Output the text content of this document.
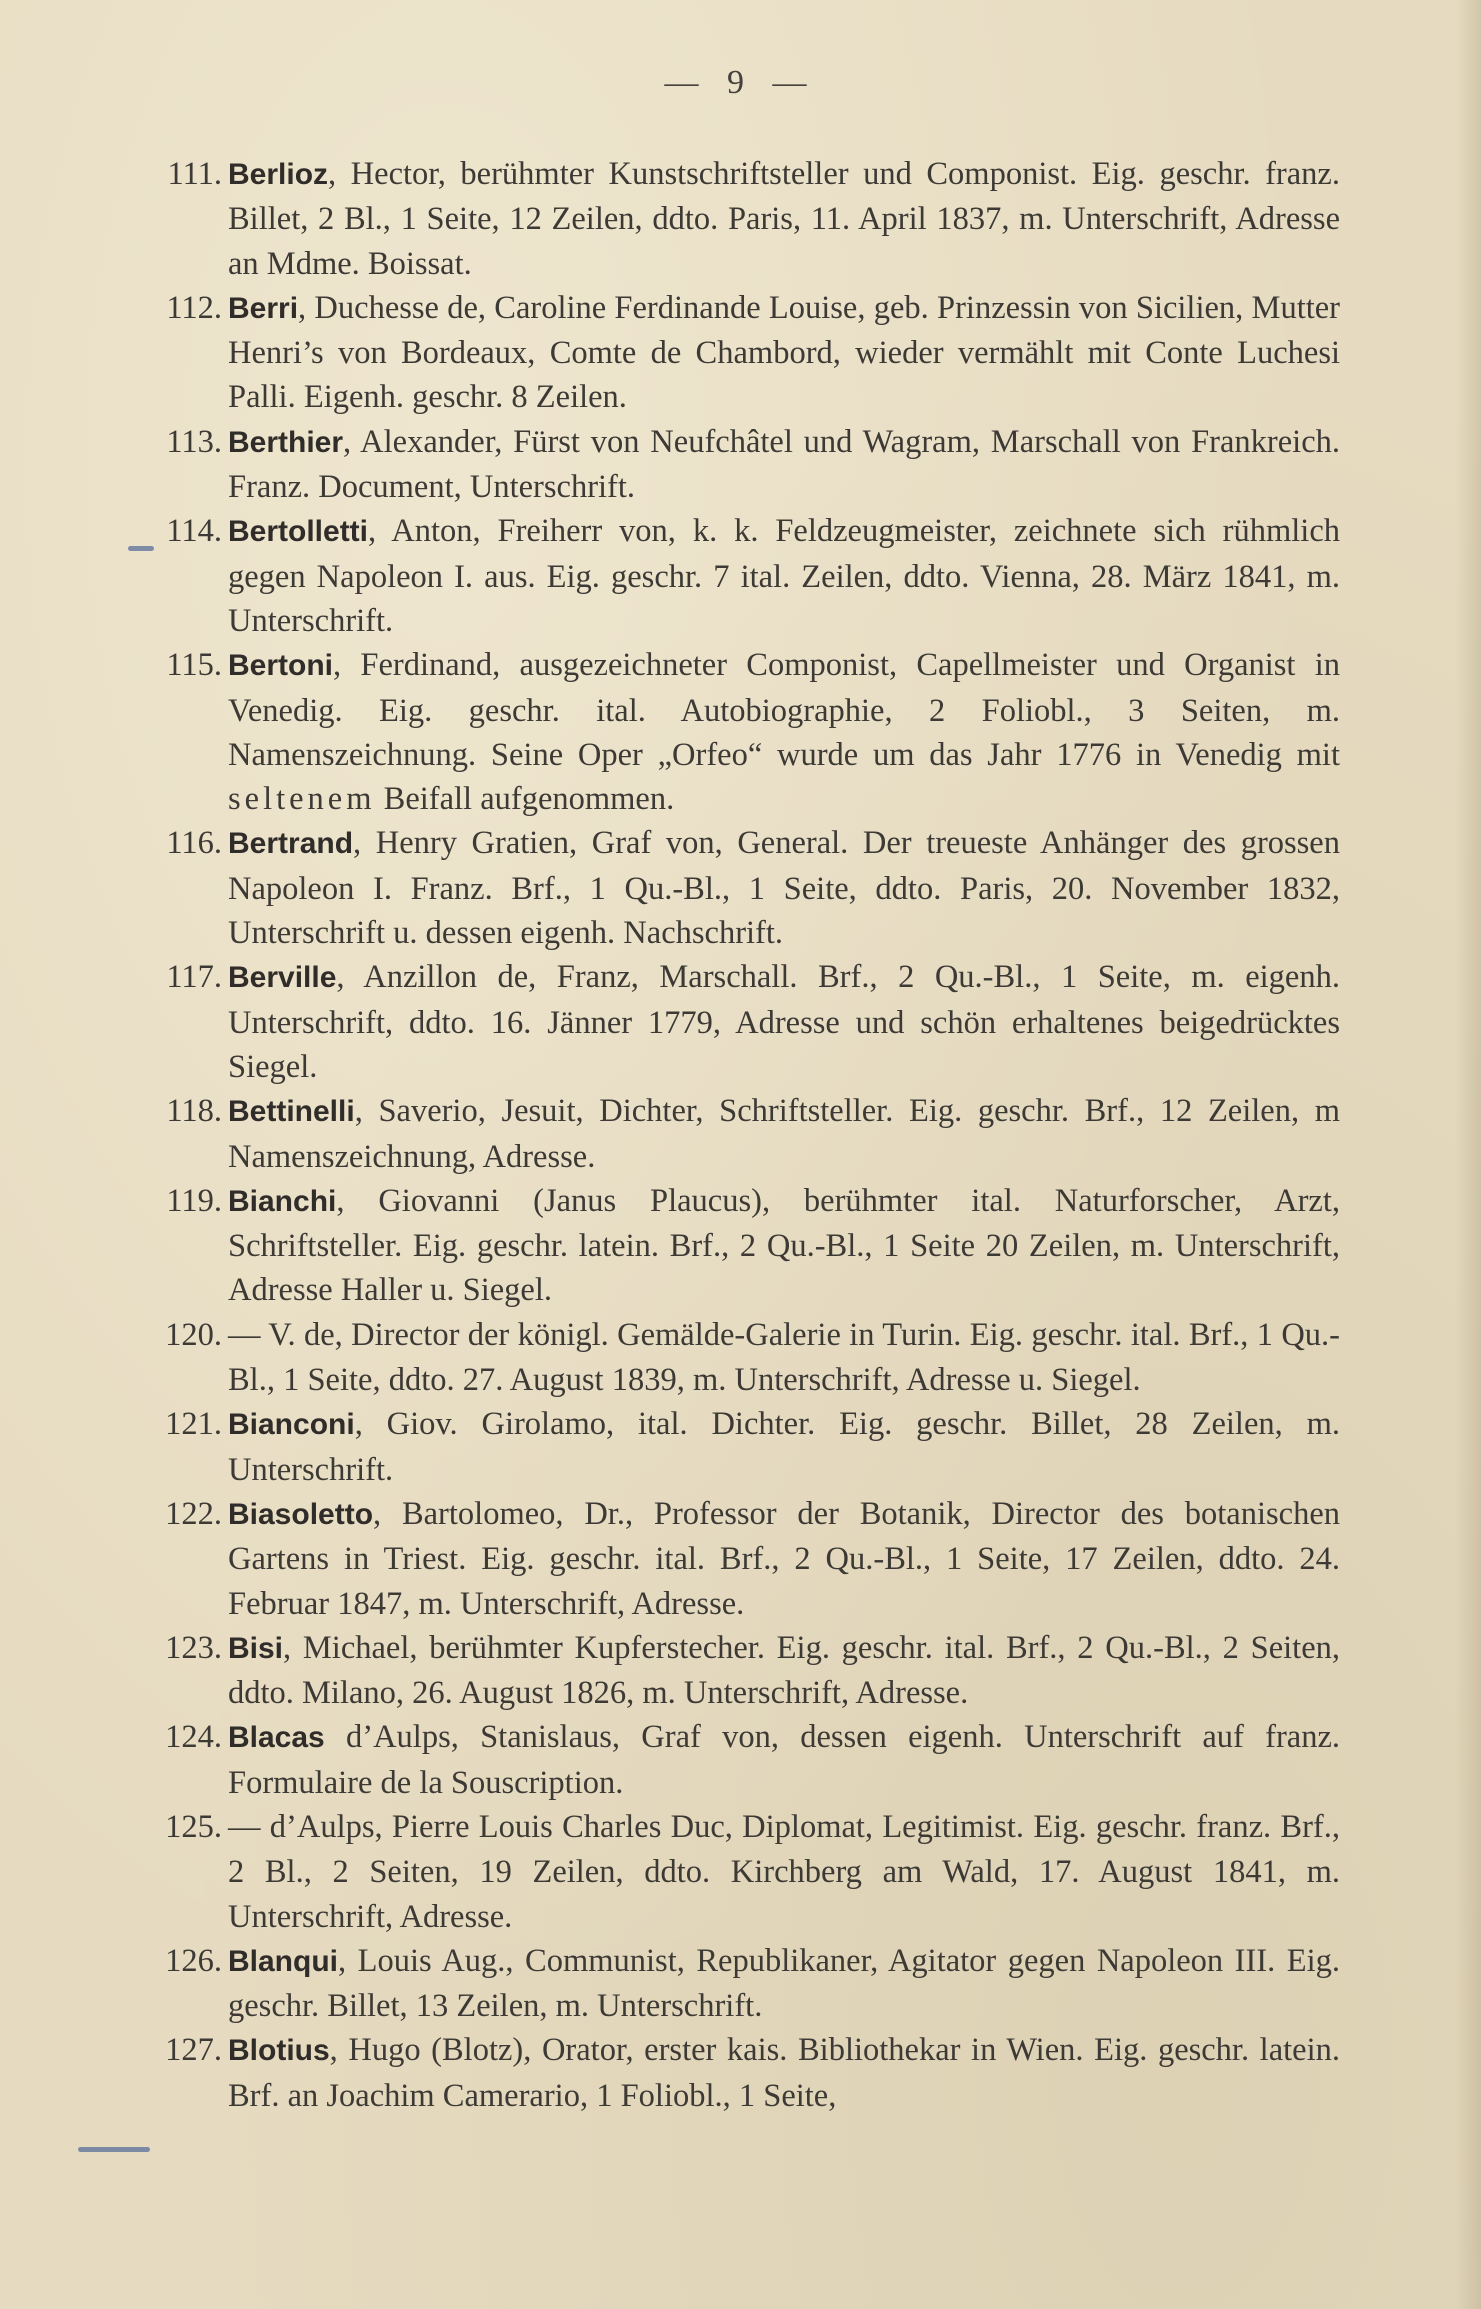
— 9 —
111. Berlioz, Hector, berühmter Kunstschriftsteller und Componist. Eig. geschr. franz. Billet, 2 Bl., 1 Seite, 12 Zeilen, ddto. Paris, 11. April 1837, m. Unterschrift, Adresse an Mdme. Boissat.
112. Berri, Duchesse de, Caroline Ferdinande Louise, geb. Prinzessin von Sicilien, Mutter Henri’s von Bordeaux, Comte de Chambord, wieder vermählt mit Conte Luchesi Palli. Eigenh. geschr. 8 Zeilen.
113. Berthier, Alexander, Fürst von Neufchâtel und Wagram, Marschall von Frankreich. Franz. Document, Unterschrift.
114. Bertolletti, Anton, Freiherr von, k. k. Feldzeugmeister, zeichnete sich rühmlich gegen Napoleon I. aus. Eig. geschr. 7 ital. Zeilen, ddto. Vienna, 28. März 1841, m. Unterschrift.
115. Bertoni, Ferdinand, ausgezeichneter Componist, Capellmeister und Organist in Venedig. Eig. geschr. ital. Autobiographie, 2 Foliobl., 3 Seiten, m. Namenszeichnung. Seine Oper „Orfeo“ wurde um das Jahr 1776 in Venedig mit seltenem Beifall aufgenommen.
116. Bertrand, Henry Gratien, Graf von, General. Der treueste Anhänger des grossen Napoleon I. Franz. Brf., 1 Qu.-Bl., 1 Seite, ddto. Paris, 20. November 1832, Unterschrift u. dessen eigenh. Nachschrift.
117. Berville, Anzillon de, Franz, Marschall. Brf., 2 Qu.-Bl., 1 Seite, m. eigenh. Unterschrift, ddto. 16. Jänner 1779, Adresse und schön erhaltenes beigedrücktes Siegel.
118. Bettinelli, Saverio, Jesuit, Dichter, Schriftsteller. Eig. geschr. Brf., 12 Zeilen, m Namenszeichnung, Adresse.
119. Bianchi, Giovanni (Janus Plaucus), berühmter ital. Naturforscher, Arzt, Schriftsteller. Eig. geschr. latein. Brf., 2 Qu.-Bl., 1 Seite 20 Zeilen, m. Unterschrift, Adresse Haller u. Siegel.
120. — V. de, Director der königl. Gemälde-Galerie in Turin. Eig. geschr. ital. Brf., 1 Qu.-Bl., 1 Seite, ddto. 27. August 1839, m. Unterschrift, Adresse u. Siegel.
121. Bianconi, Giov. Girolamo, ital. Dichter. Eig. geschr. Billet, 28 Zeilen, m. Unterschrift.
122. Biasoletto, Bartolomeo, Dr., Professor der Botanik, Director des botanischen Gartens in Triest. Eig. geschr. ital. Brf., 2 Qu.-Bl., 1 Seite, 17 Zeilen, ddto. 24. Februar 1847, m. Unterschrift, Adresse.
123. Bisi, Michael, berühmter Kupferstecher. Eig. geschr. ital. Brf., 2 Qu.-Bl., 2 Seiten, ddto. Milano, 26. August 1826, m. Unterschrift, Adresse.
124. Blacas d’Aulps, Stanislaus, Graf von, dessen eigenh. Unterschrift auf franz. Formulaire de la Souscription.
125. — d’Aulps, Pierre Louis Charles Duc, Diplomat, Legitimist. Eig. geschr. franz. Brf., 2 Bl., 2 Seiten, 19 Zeilen, ddto. Kirchberg am Wald, 17. August 1841, m. Unterschrift, Adresse.
126. Blanqui, Louis Aug., Communist, Republikaner, Agitator gegen Napoleon III. Eig. geschr. Billet, 13 Zeilen, m. Unterschrift.
127. Blotius, Hugo (Blotz), Orator, erster kais. Bibliothekar in Wien. Eig. geschr. latein. Brf. an Joachim Camerario, 1 Foliobl., 1 Seite,
